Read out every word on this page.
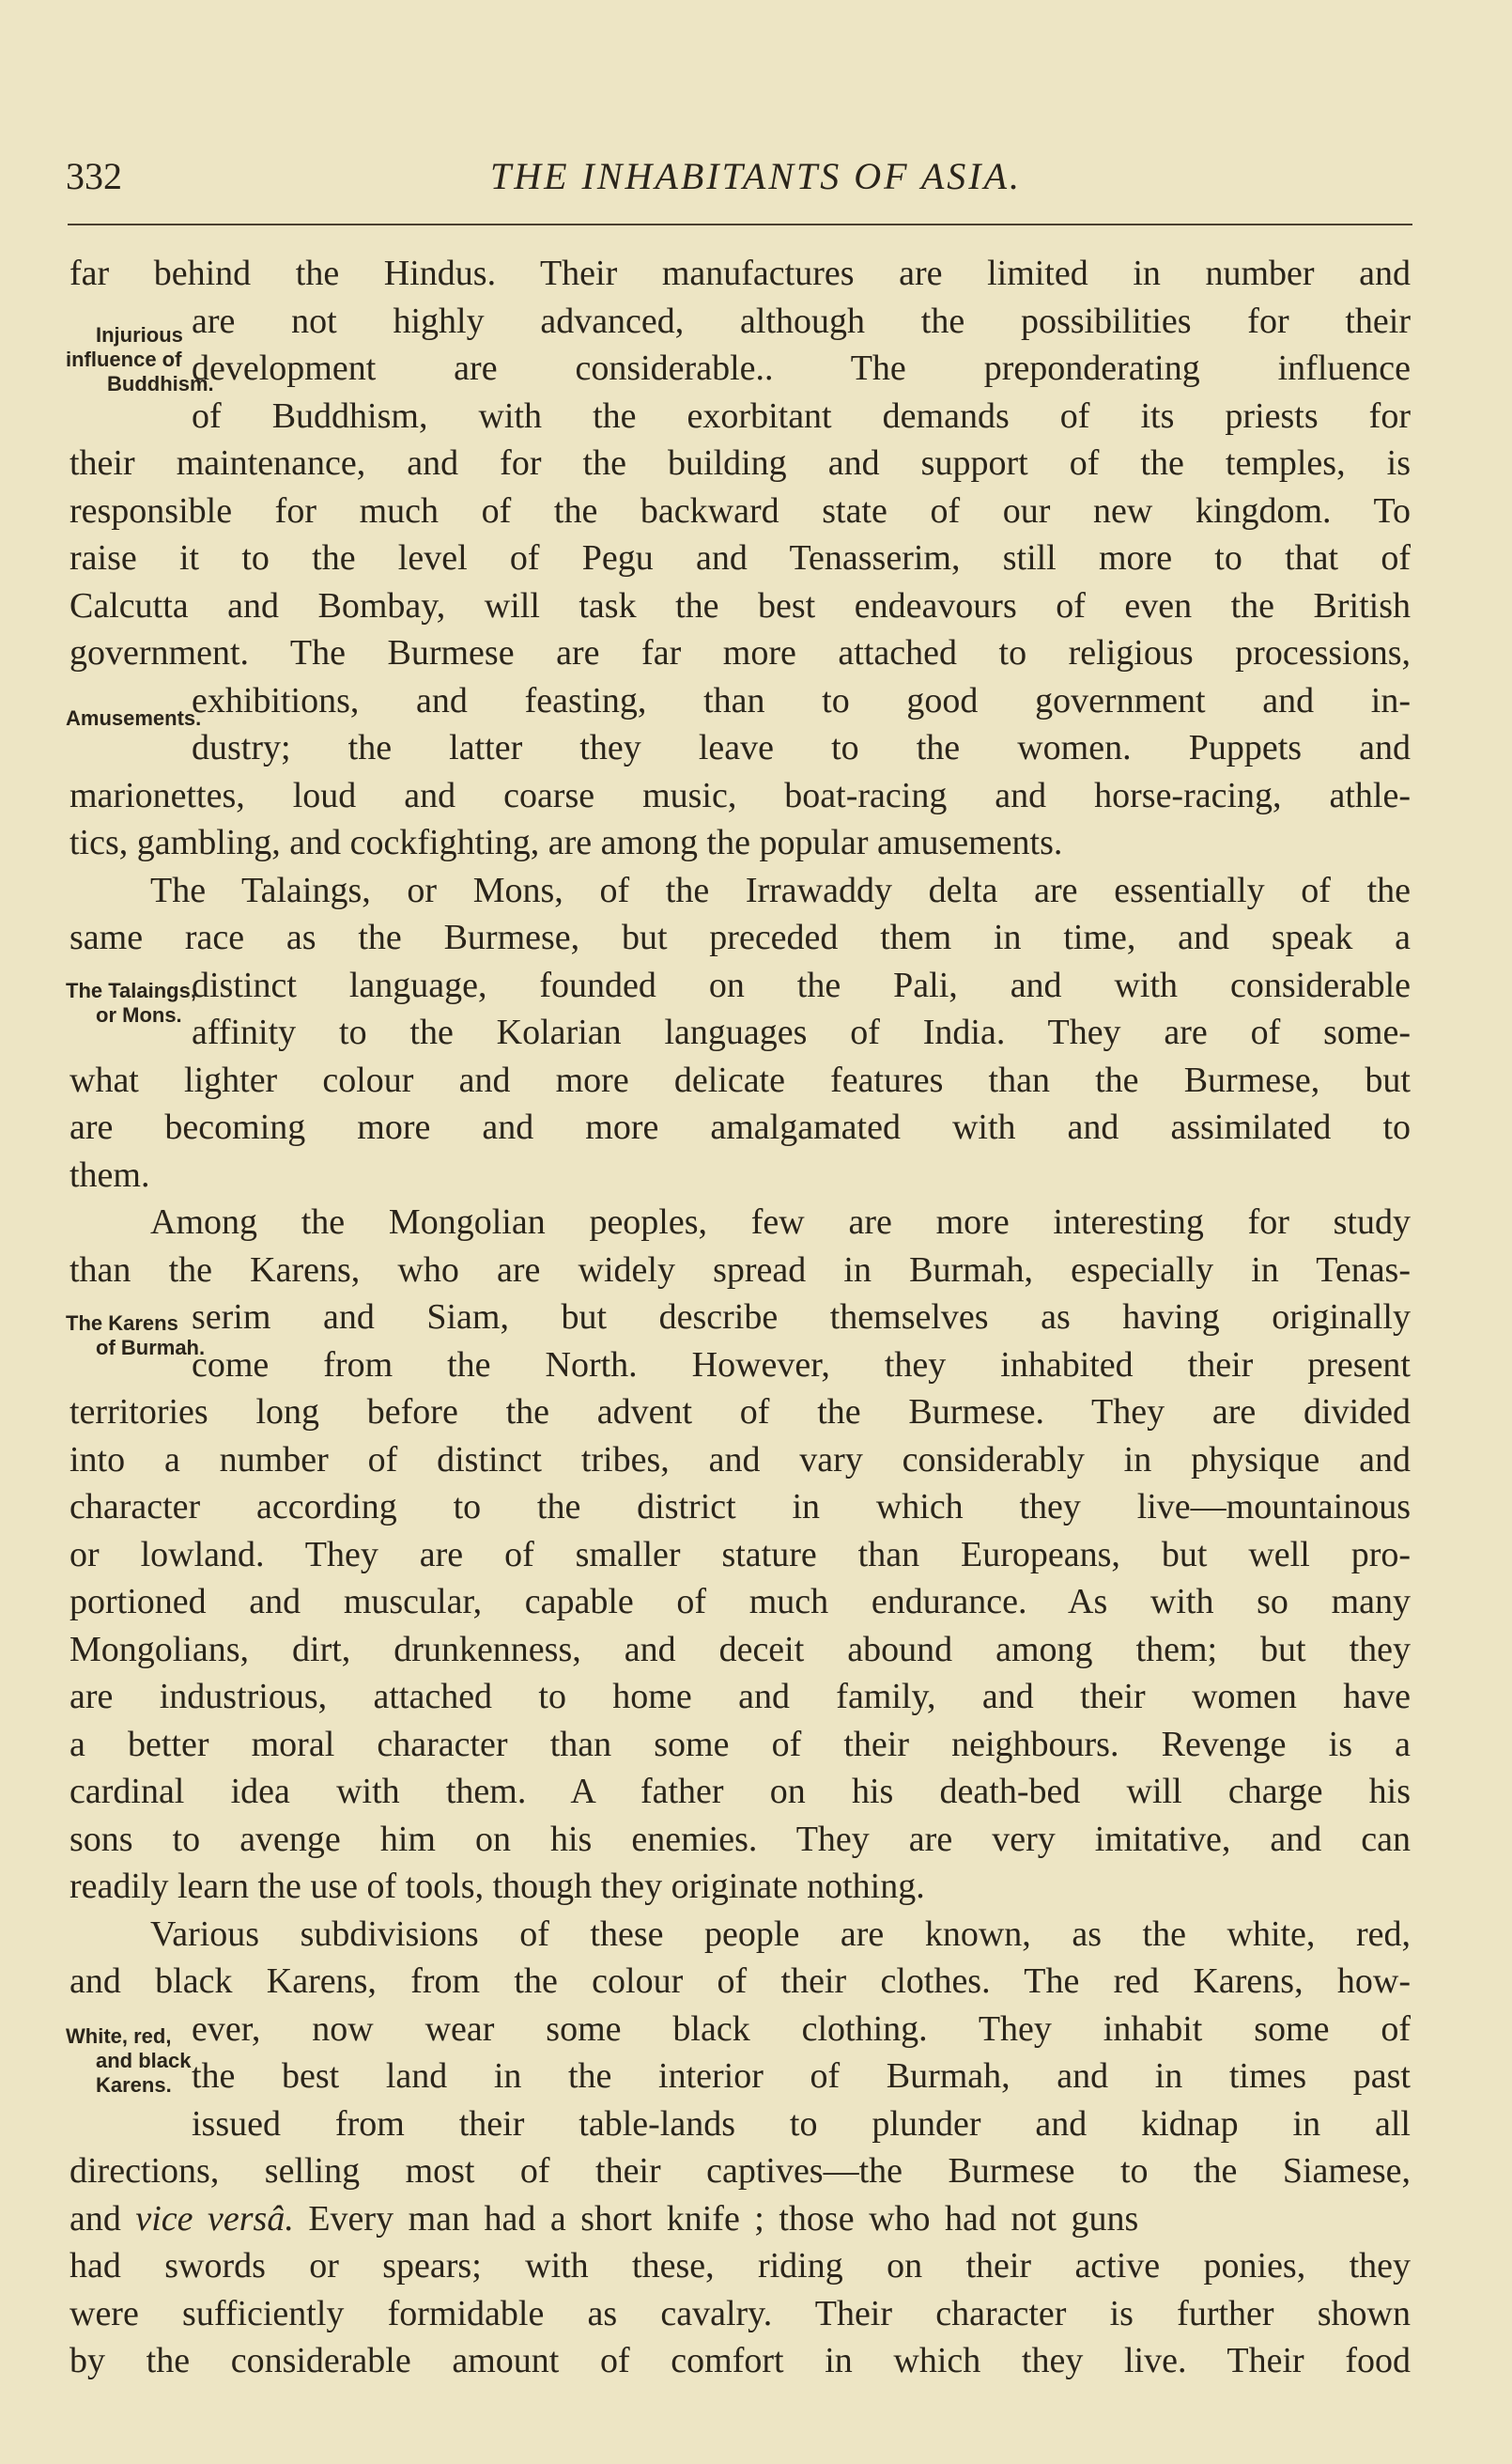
332	THE INHABITANTS OF ASIA.
Injurious
influence of
Buddhism.
Amusements.
The Talaings,
or Mons.
The Karens
of Burmah.
White, red,
and black
Karens.
far behind the Hindus. Their manufactures are limited in number and
are not highly advanced, although the possibilities for their
development are considerable.. The preponderating influence
of Buddhism, with the exorbitant demands of its priests for
their maintenance, and for the building and support of the temples, is
responsible for much of the backward state of our new kingdom. To
raise it to the level of Pegu and Tenasserim, still more to that of
Calcutta and Bombay, will task the best endeavours of even the British
government. The Burmese are far more attached to religious processions,
exhibitions, and feasting, than to good government and in-
dustry; the latter they leave to the women. Puppets and
marionettes, loud and coarse music, boat-racing and horse-racing, athle-
tics, gambling, and cockfighting, are among the popular amusements.
The Talaings, or Mons, of the Irrawaddy delta are essentially of the
same race as the Burmese, but preceded them in time, and speak a
distinct language, founded on the Pali, and with considerable
affinity to the Kolarian languages of India. They are of some-
what lighter colour and more delicate features than the Burmese, but
are becoming more and more amalgamated with and assimilated to
them.
Among the Mongolian peoples, few are more interesting for study
than the Karens, who are widely spread in Burmah, especially in Tenas-
serim and Siam, but describe themselves as having originally
come from the North. However, they inhabited their present
territories long before the advent of the Burmese. They are divided
into a number of distinct tribes, and vary considerably in physique and
character according to the district in which they live—mountainous
or lowland. They are of smaller stature than Europeans, but well pro-
portioned and muscular, capable of much endurance. As with so many
Mongolians, dirt, drunkenness, and deceit abound among them; but they
are industrious, attached to home and family, and their women have
a better moral character than some of their neighbours. Revenge is a
cardinal idea with them. A father on his death-bed will charge his
sons to avenge him on his enemies. They are very imitative, and can
readily learn the use of tools, though they originate nothing.
Various subdivisions of these people are known, as the white, red,
and black Karens, from the colour of their clothes. The red Karens, how-
ever, now wear some black clothing. They inhabit some of
the best land in the interior of Burmah, and in times past
issued from their table-lands to plunder and kidnap in all
directions, selling most of their captives—the Burmese to the Siamese,
and vice versâ. Every man had a short knife ; those who had not guns
had swords or spears; with these, riding on their active ponies, they
were sufficiently formidable as cavalry. Their character is further shown
by the considerable amount of comfort in which they live. Their food
